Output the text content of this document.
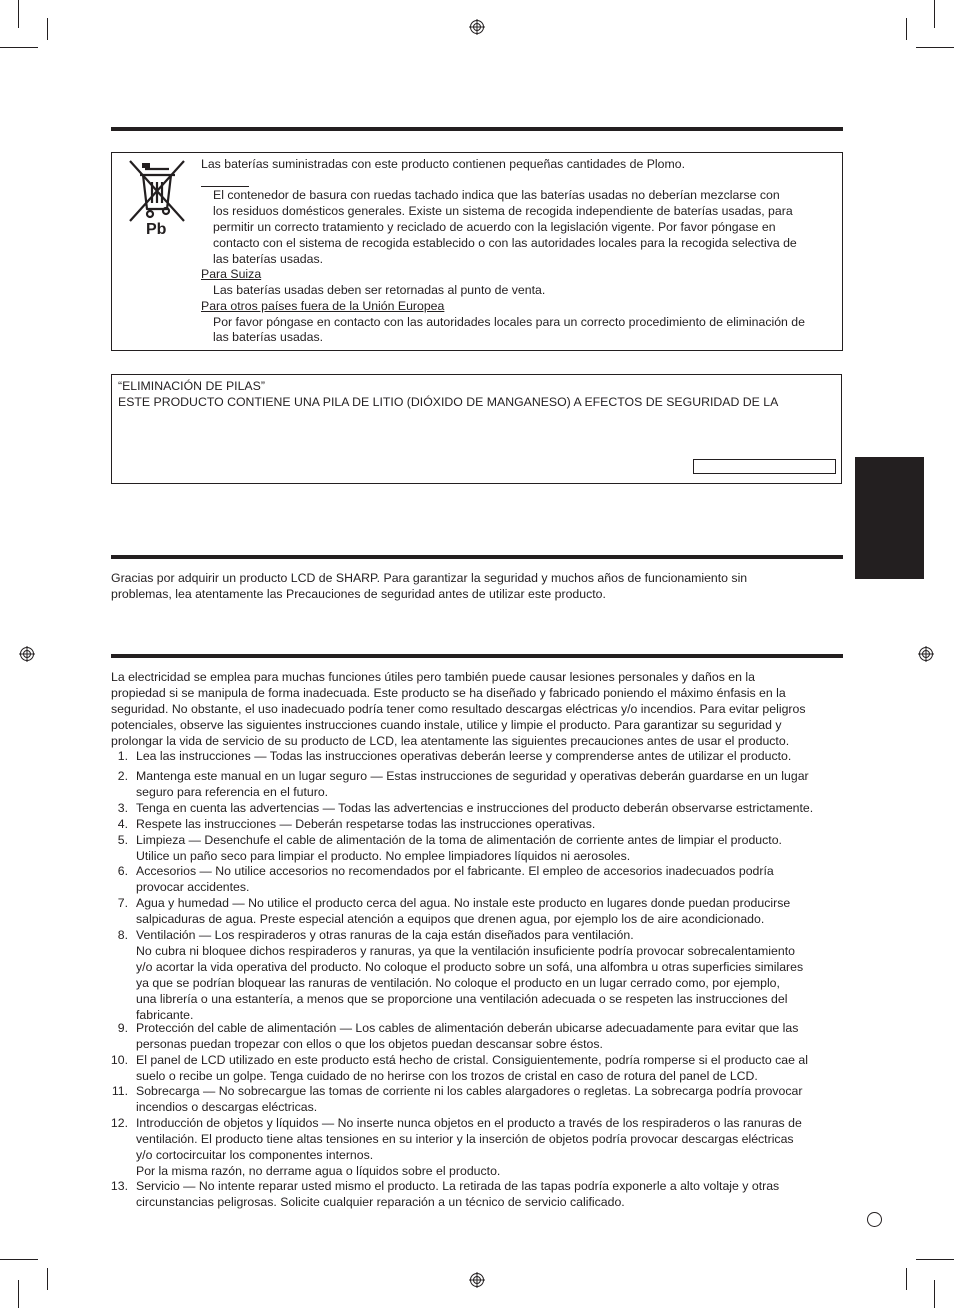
Pb
Las baterías suministradas con este producto contienen pequeñas cantidades de Plomo.
El contenedor de basura con ruedas tachado indica que las baterías usadas no deberían mezclarse con
los residuos domésticos generales. Existe un sistema de recogida independiente de baterías usadas, para
permitir un correcto tratamiento y reciclado de acuerdo con la legislación vigente. Por favor póngase en
contacto con el sistema de recogida establecido o con las autoridades locales para la recogida selectiva de
las baterías usadas.
Para Suiza
Las baterías usadas deben ser retornadas al punto de venta.
Para otros países fuera de la Unión Europea
Por favor póngase en contacto con las autoridades locales para un correcto procedimiento de eliminación de
las baterías usadas.
“ELIMINACIÓN DE PILAS”
ESTE PRODUCTO CONTIENE UNA PILA DE LITIO (DIÓXIDO DE MANGANESO) A EFECTOS DE SEGURIDAD DE LA
Gracias por adquirir un producto LCD de SHARP. Para garantizar la seguridad y muchos años de funcionamiento sin
problemas, lea atentamente las Precauciones de seguridad antes de utilizar este producto.
La electricidad se emplea para muchas funciones útiles pero también puede causar lesiones personales y daños en la
propiedad si se manipula de forma inadecuada. Este producto se ha diseñado y fabricado poniendo el máximo énfasis en la
seguridad. No obstante, el uso inadecuado podría tener como resultado descargas eléctricas y/o incendios. Para evitar peligros
potenciales, observe las siguientes instrucciones cuando instale, utilice y limpie el producto. Para garantizar su seguridad y
prolongar la vida de servicio de su producto de LCD, lea atentamente las siguientes precauciones antes de usar el producto.
1. Lea las instrucciones — Todas las instrucciones operativas deberán leerse y comprenderse antes de utilizar el producto.
2. Mantenga este manual en un lugar seguro — Estas instrucciones de seguridad y operativas deberán guardarse en un lugar
seguro para referencia en el futuro.
3. Tenga en cuenta las advertencias — Todas las advertencias e instrucciones del producto deberán observarse estrictamente.
4. Respete las instrucciones — Deberán respetarse todas las instrucciones operativas.
5. Limpieza — Desenchufe el cable de alimentación de la toma de alimentación de corriente antes de limpiar el producto.
Utilice un paño seco para limpiar el producto. No emplee limpiadores líquidos ni aerosoles.
6. Accesorios — No utilice accesorios no recomendados por el fabricante. El empleo de accesorios inadecuados podría
provocar accidentes.
7. Agua y humedad — No utilice el producto cerca del agua. No instale este producto en lugares donde puedan producirse
salpicaduras de agua. Preste especial atención a equipos que drenen agua, por ejemplo los de aire acondicionado.
8. Ventilación — Los respiraderos y otras ranuras de la caja están diseñados para ventilación.
No cubra ni bloquee dichos respiraderos y ranuras, ya que la ventilación insuficiente podría provocar sobrecalentamiento
y/o acortar la vida operativa del producto. No coloque el producto sobre un sofá, una alfombra u otras superficies similares
ya que se podrían bloquear las ranuras de ventilación. No coloque el producto en un lugar cerrado como, por ejemplo,
una librería o una estantería, a menos que se proporcione una ventilación adecuada o se respeten las instrucciones del
fabricante.
9. Protección del cable de alimentación — Los cables de alimentación deberán ubicarse adecuadamente para evitar que las
personas puedan tropezar con ellos o que los objetos puedan descansar sobre éstos.
10. El panel de LCD utilizado en este producto está hecho de cristal. Consiguientemente, podría romperse si el producto cae al
suelo o recibe un golpe. Tenga cuidado de no herirse con los trozos de cristal en caso de rotura del panel de LCD.
11. Sobrecarga — No sobrecargue las tomas de corriente ni los cables alargadores o regletas. La sobrecarga podría provocar
incendios o descargas eléctricas.
12. Introducción de objetos y líquidos — No inserte nunca objetos en el producto a través de los respiraderos o las ranuras de
ventilación. El producto tiene altas tensiones en su interior y la inserción de objetos podría provocar descargas eléctricas
y/o cortocircuitar los componentes internos.
Por la misma razón, no derrame agua o líquidos sobre el producto.
13. Servicio — No intente reparar usted mismo el producto. La retirada de las tapas podría exponerle a alto voltaje y otras
circunstancias peligrosas. Solicite cualquier reparación a un técnico de servicio calificado.
